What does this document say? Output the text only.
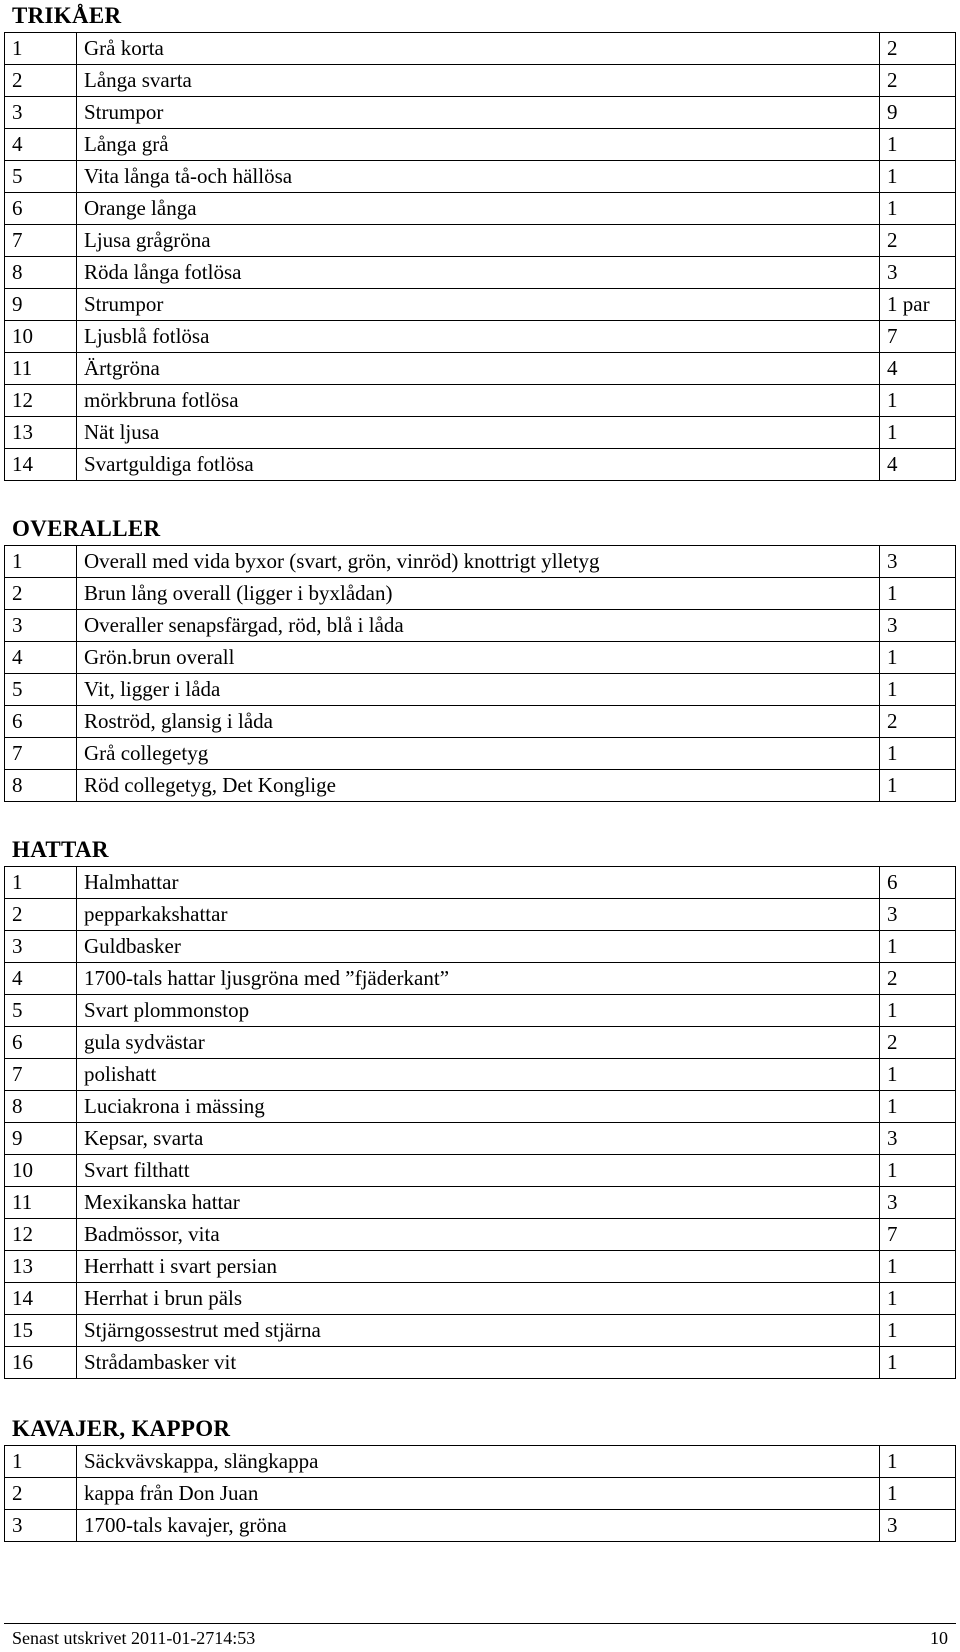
TRIKÅER
1	Grå korta	2
2	Långa svarta	2
3	Strumpor	9
4	Långa grå	1
5	Vita långa tå-och hällösa	1
6	Orange långa	1
7	Ljusa grågröna	2
8	Röda långa fotlösa	3
9	Strumpor	1 par
10	Ljusblå fotlösa	7
11	Ärtgröna	4
12	mörkbruna fotlösa	1
13	Nät ljusa	1
14	Svartguldiga fotlösa	4
OVERALLER
1	Overall med vida byxor (svart, grön, vinröd) knottrigt ylletyg	3
2	Brun lång overall (ligger i byxlådan)	1
3	Overaller senapsfärgad, röd, blå i låda	3
4	Grön.brun overall	1
5	Vit, ligger i låda	1
6	Roströd, glansig i låda	2
7	Grå collegetyg	1
8	Röd collegetyg, Det Konglige	1
HATTAR
1	Halmhattar	6
2	pepparkakshattar	3
3	Guldbasker	1
4	1700-tals hattar ljusgröna med ”fjäderkant”	2
5	Svart plommonstop	1
6	gula sydvästar	2
7	polishatt	1
8	Luciakrona i mässing	1
9	Kepsar, svarta	3
10	Svart filthatt	1
11	Mexikanska hattar	3
12	Badmössor, vita	7
13	Herrhatt i svart persian	1
14	Herrhat i brun päls	1
15	Stjärngossestrut med stjärna	1
16	Strådambasker vit	1
KAVAJER, KAPPOR
1	Säckvävskappa, slängkappa	1
2	kappa från Don Juan	1
3	1700-tals kavajer, gröna	3
Senast utskrivet 2011-01-2714:53	10
